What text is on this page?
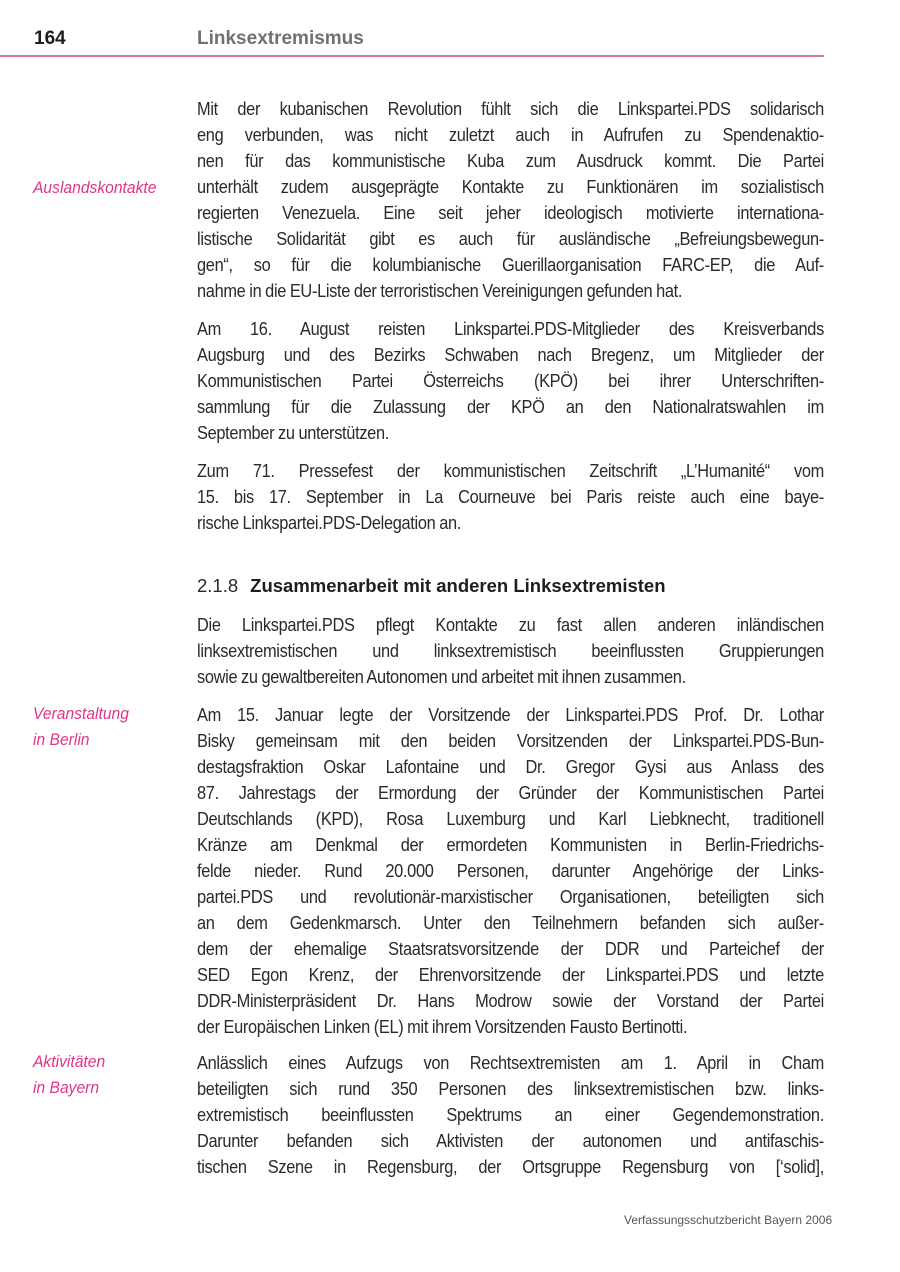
164	Linksextremismus
Auslandskontakte
Veranstaltung
in Berlin
Aktivitäten
in Bayern
Mit der kubanischen Revolution fühlt sich die Linkspartei.PDS solidarisch
eng verbunden, was nicht zuletzt auch in Aufrufen zu Spendenaktio-
nen für das kommunistische Kuba zum Ausdruck kommt. Die Partei
unterhält zudem ausgeprägte Kontakte zu Funktionären im sozialistisch
regierten Venezuela. Eine seit jeher ideologisch motivierte internationa-
listische Solidarität gibt es auch für ausländische „Befreiungsbewegun-
gen“, so für die kolumbianische Guerillaorganisation FARC-EP, die Auf-
nahme in die EU-Liste der terroristischen Vereinigungen gefunden hat.
Am 16. August reisten Linkspartei.PDS-Mitglieder des Kreisverbands
Augsburg und des Bezirks Schwaben nach Bregenz, um Mitglieder der
Kommunistischen Partei Österreichs (KPÖ) bei ihrer Unterschriften-
sammlung für die Zulassung der KPÖ an den Nationalratswahlen im
September zu unterstützen.
Zum 71. Pressefest der kommunistischen Zeitschrift „L’Humanité“ vom
15. bis 17. September in La Courneuve bei Paris reiste auch eine baye-
rische Linkspartei.PDS-Delegation an.
2.1.8 Zusammenarbeit mit anderen Linksextremisten
Die Linkspartei.PDS pflegt Kontakte zu fast allen anderen inländischen
linksextremistischen und linksextremistisch beeinflussten Gruppierungen
sowie zu gewaltbereiten Autonomen und arbeitet mit ihnen zusammen.
Am 15. Januar legte der Vorsitzende der Linkspartei.PDS Prof. Dr. Lothar
Bisky gemeinsam mit den beiden Vorsitzenden der Linkspartei.PDS-Bun-
destagsfraktion Oskar Lafontaine und Dr. Gregor Gysi aus Anlass des
87. Jahrestags der Ermordung der Gründer der Kommunistischen Partei
Deutschlands (KPD), Rosa Luxemburg und Karl Liebknecht, traditionell
Kränze am Denkmal der ermordeten Kommunisten in Berlin-Friedrichs-
felde nieder. Rund 20.000 Personen, darunter Angehörige der Links-
partei.PDS und revolutionär-marxistischer Organisationen, beteiligten sich
an dem Gedenkmarsch. Unter den Teilnehmern befanden sich außer-
dem der ehemalige Staatsratsvorsitzende der DDR und Parteichef der
SED Egon Krenz, der Ehrenvorsitzende der Linkspartei.PDS und letzte
DDR-Ministerpräsident Dr. Hans Modrow sowie der Vorstand der Partei
der Europäischen Linken (EL) mit ihrem Vorsitzenden Fausto Bertinotti.
Anlässlich eines Aufzugs von Rechtsextremisten am 1. April in Cham
beteiligten sich rund 350 Personen des linksextremistischen bzw. links-
extremistisch beeinflussten Spektrums an einer Gegendemonstration.
Darunter befanden sich Aktivisten der autonomen und antifaschis-
tischen Szene in Regensburg, der Ortsgruppe Regensburg von [‘solid],
Verfassungsschutzbericht Bayern 2006
